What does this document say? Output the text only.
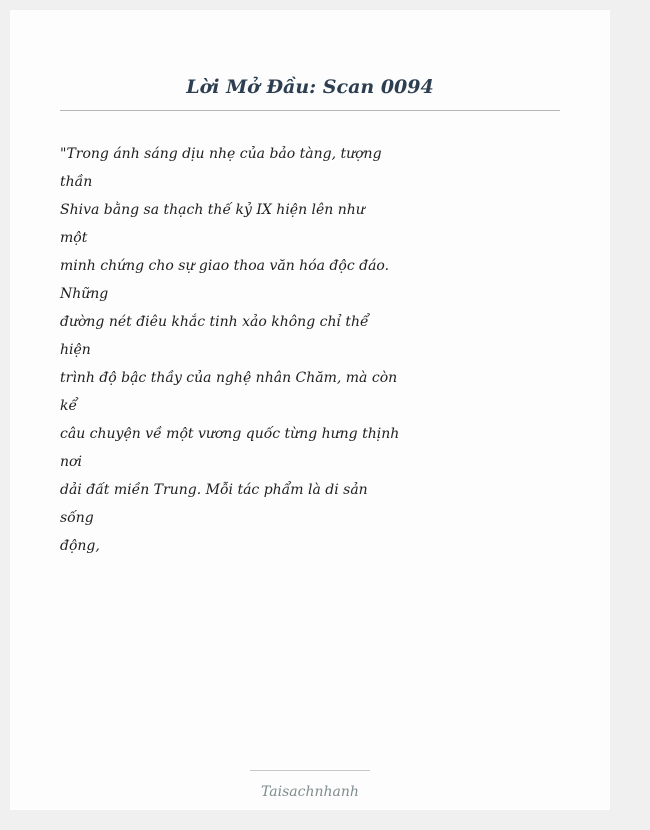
Lời Mở Đầu: Scan 0094
"Trong ánh sáng dịu nhẹ của bảo tàng, tượng
thần
Shiva bằng sa thạch thế kỷ IX hiện lên như
một
minh chứng cho sự giao thoa văn hóa độc đáo.
Những
đường nét điêu khắc tinh xảo không chỉ thể
hiện
trình độ bậc thầy của nghệ nhân Chăm, mà còn
kể
câu chuyện về một vương quốc từng hưng thịnh
nơi
dải đất miền Trung. Mỗi tác phẩm là di sản
sống
động,
Taisachnhanh
